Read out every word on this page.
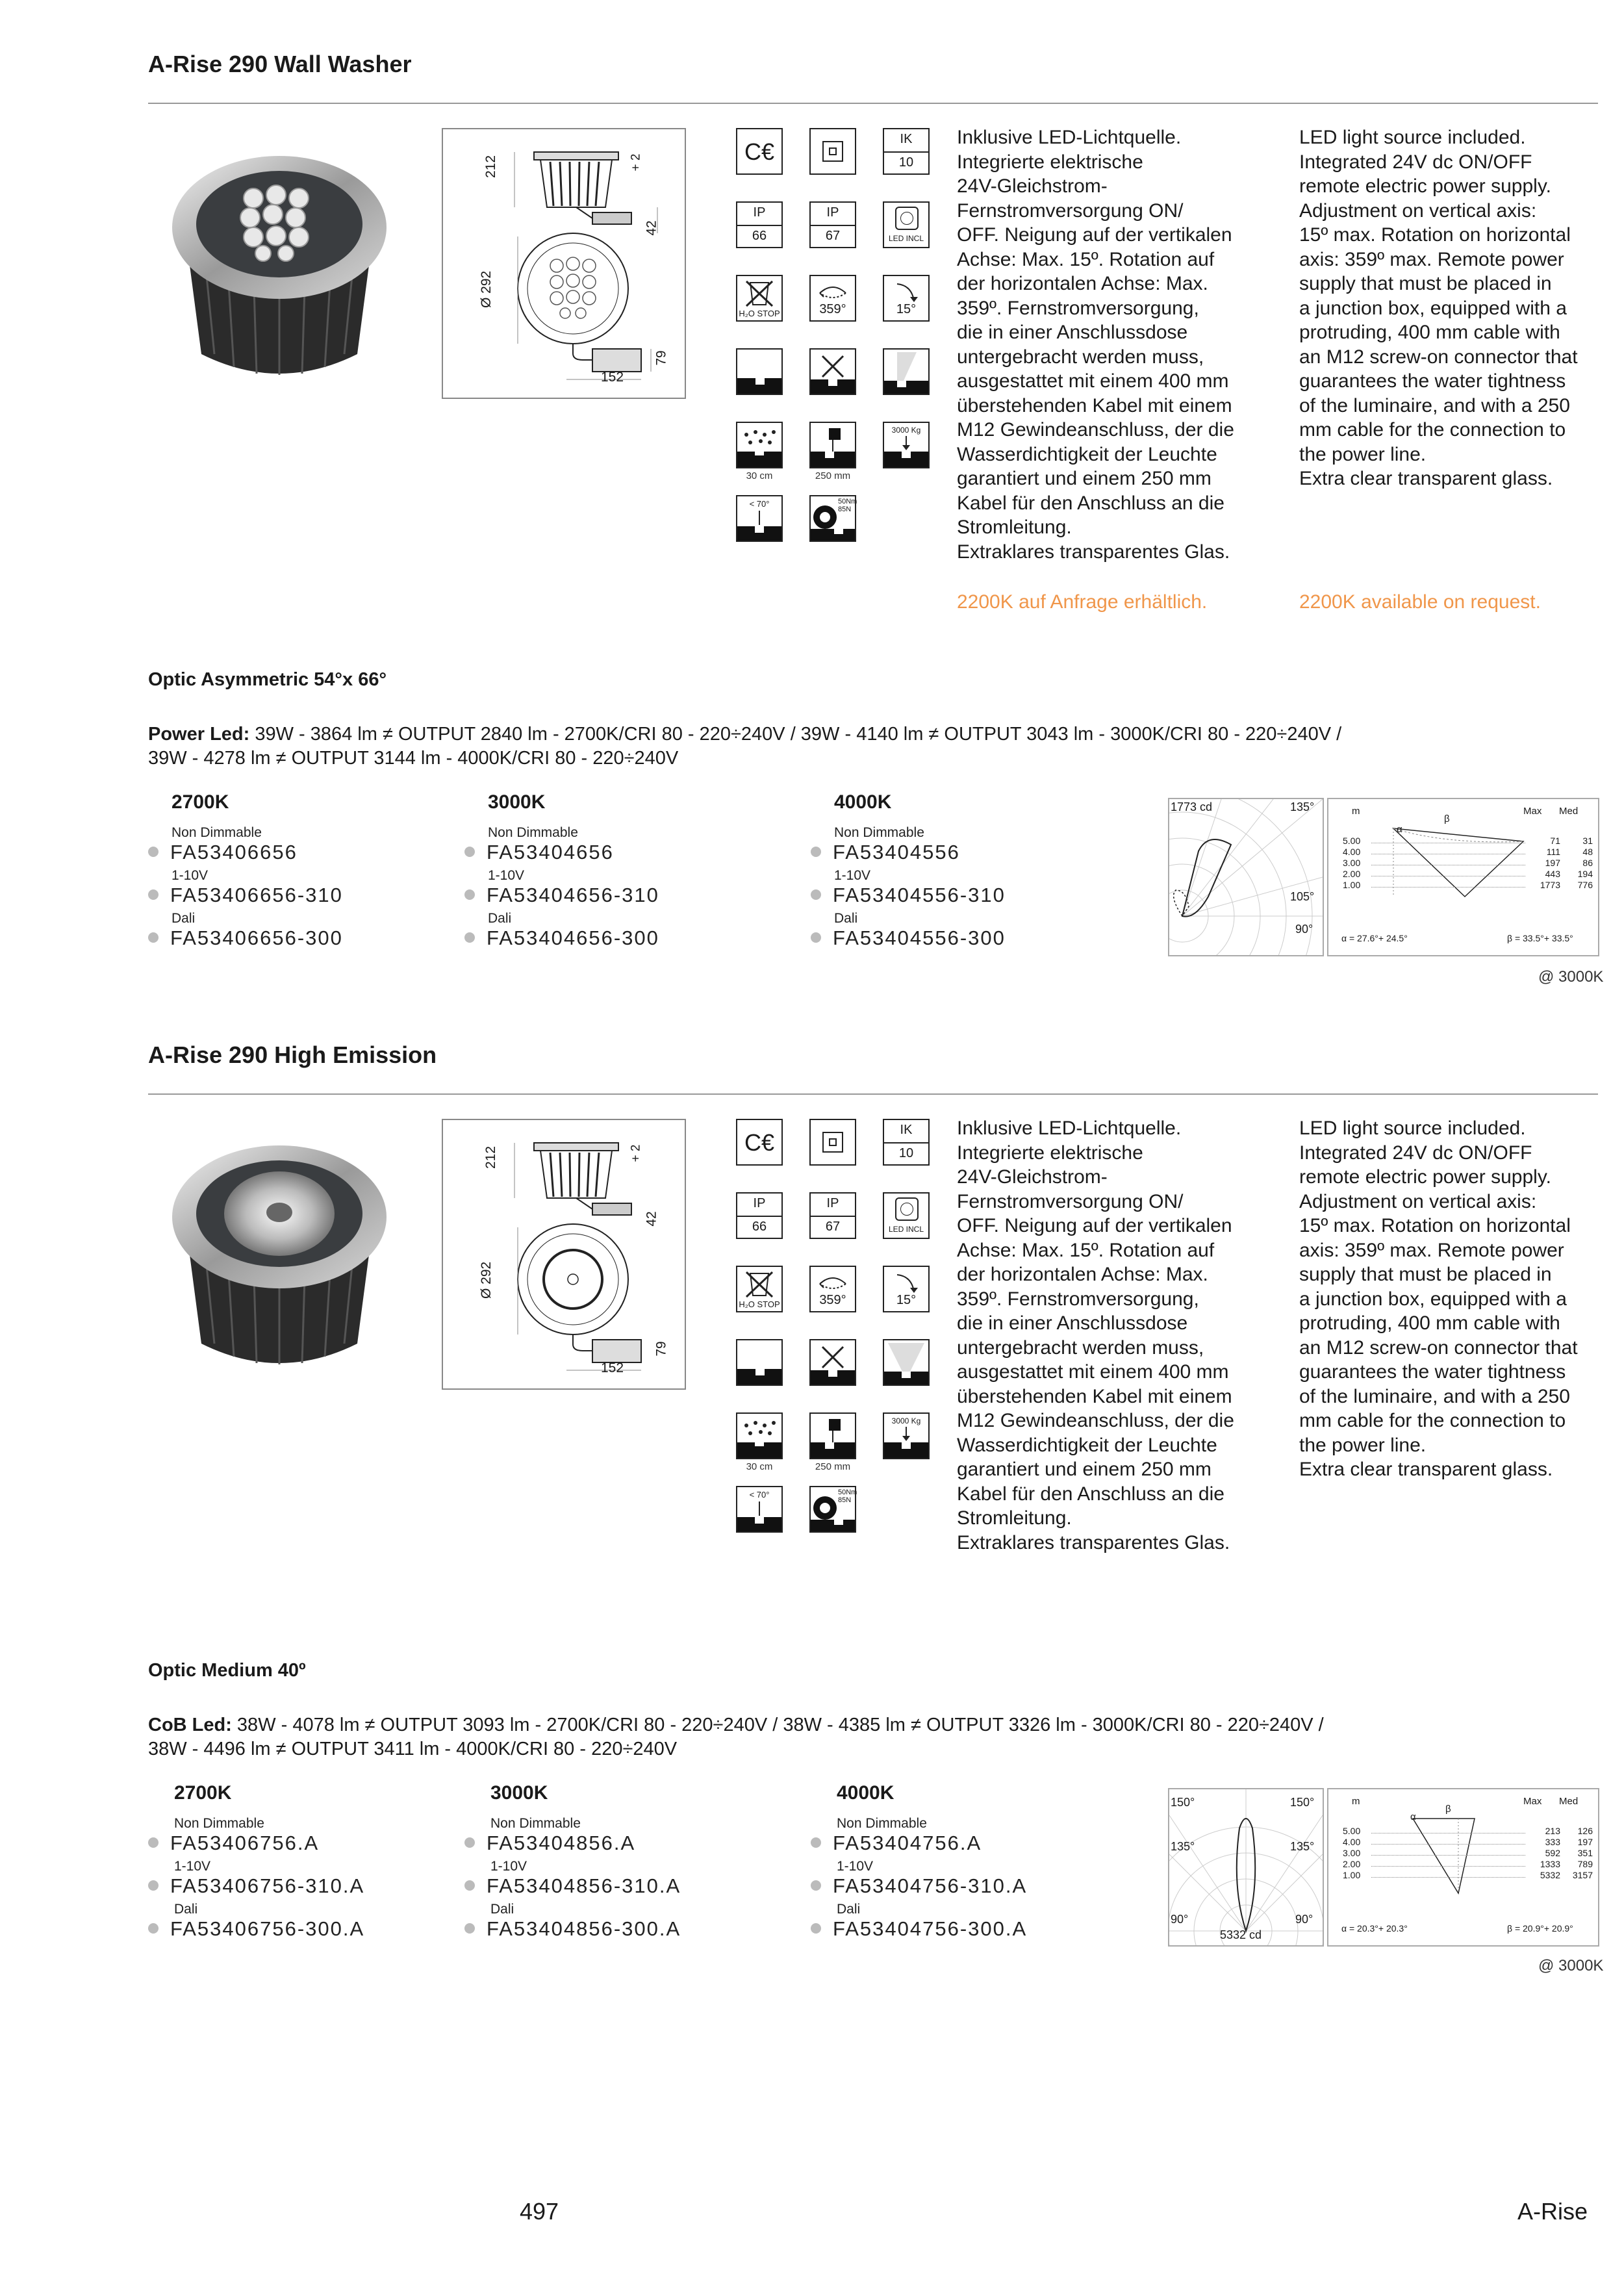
A-Rise 290 Wall Washer
212	+ 2
42
Ø 292
79
152
C€	IK
10
IP
66
IP
67	LED INCL
H₂O STOP	359°	15°
30 cm	250 mm
3000 Kg
< 70°	50Nm 85N
Inklusive LED-Lichtquelle.
Integrierte elektrische
24V-Gleichstrom-
Fernstromversorgung ON/
OFF. Neigung auf der vertikalen
Achse: Max. 15º. Rotation auf
der horizontalen Achse: Max.
359º. Fernstromversorgung,
die in einer Anschlussdose
untergebracht werden muss,
ausgestattet mit einem 400 mm
überstehenden Kabel mit einem
M12 Gewindeanschluss, der die
Wasserdichtigkeit der Leuchte
garantiert und einem 250 mm
Kabel für den Anschluss an die
Stromleitung.
Extraklares transparentes Glas.
LED light source included.
Integrated 24V dc ON/OFF
remote electric power supply.
Adjustment on vertical axis:
15º max. Rotation on horizontal
axis: 359º max. Remote power
supply that must be placed in
a junction box, equipped with a
protruding, 400 mm cable with
an M12 screw-on connector that
guarantees the water tightness
of the luminaire, and with a 250
mm cable for the connection to
the power line.
Extra clear transparent glass.
2200K auf Anfrage erhältlich.	2200K available on request.
Optic Asymmetric 54°x 66°
Power Led: 39W - 3864 lm ≠ OUTPUT 2840 lm - 2700K/CRI 80 - 220÷240V / 39W - 4140 lm ≠ OUTPUT 3043 lm - 3000K/CRI 80 - 220÷240V /
39W - 4278 lm ≠ OUTPUT 3144 lm - 4000K/CRI 80 - 220÷240V
2700K
Non Dimmable
FA53406656
1-10V
FA53406656-310
Dali
FA53406656-300
3000K
Non Dimmable
FA53404656
1-10V
FA53404656-310
Dali
FA53404656-300
4000K
Non Dimmable
FA53404556
1-10V
FA53404556-310
Dali
FA53404556-300
1773 cd	135°
105°
90°
m	Max Med
α
β
5.00	71	31
4.00	111	48
3.00	197	86
2.00	443	194
1.00	1773	776
α = 27.6°+ 24.5°	β = 33.5°+ 33.5°
@ 3000K
A-Rise 290 High Emission
212	+ 2
42
Ø 292
79
152
C€	IK
10
IP
66
IP
67	LED INCL
H₂O STOP	359°	15°
30 cm	250 mm
3000 Kg
< 70°	50Nm 85N
Inklusive LED-Lichtquelle.
Integrierte elektrische
24V-Gleichstrom-
Fernstromversorgung ON/
OFF. Neigung auf der vertikalen
Achse: Max. 15º. Rotation auf
der horizontalen Achse: Max.
359º. Fernstromversorgung,
die in einer Anschlussdose
untergebracht werden muss,
ausgestattet mit einem 400 mm
überstehenden Kabel mit einem
M12 Gewindeanschluss, der die
Wasserdichtigkeit der Leuchte
garantiert und einem 250 mm
Kabel für den Anschluss an die
Stromleitung.
Extraklares transparentes Glas.
LED light source included.
Integrated 24V dc ON/OFF
remote electric power supply.
Adjustment on vertical axis:
15º max. Rotation on horizontal
axis: 359º max. Remote power
supply that must be placed in
a junction box, equipped with a
protruding, 400 mm cable with
an M12 screw-on connector that
guarantees the water tightness
of the luminaire, and with a 250
mm cable for the connection to
the power line.
Extra clear transparent glass.
Optic Medium 40º
CoB Led: 38W - 4078 lm ≠ OUTPUT 3093 lm - 2700K/CRI 80 - 220÷240V / 38W - 4385 lm ≠ OUTPUT 3326 lm - 3000K/CRI 80 - 220÷240V /
38W - 4496 lm ≠ OUTPUT 3411 lm - 4000K/CRI 80 - 220÷240V
2700K
Non Dimmable
FA53406756.A
1-10V
FA53406756-310.A
Dali
FA53406756-300.A
3000K
Non Dimmable
FA53404856.A
1-10V
FA53404856-310.A
Dali
FA53404856-300.A
4000K
Non Dimmable
FA53404756.A
1-10V
FA53404756-310.A
Dali
FA53404756-300.A
150°	150°
135°	135°
90°	90°
5332 cd
m	Max Med
α
β
5.00	213	126
4.00	333	197
3.00	592	351
2.00	1333	789
1.00	5332	3157
α = 20.3°+ 20.3°	β = 20.9°+ 20.9°
@ 3000K
497	A-Rise
